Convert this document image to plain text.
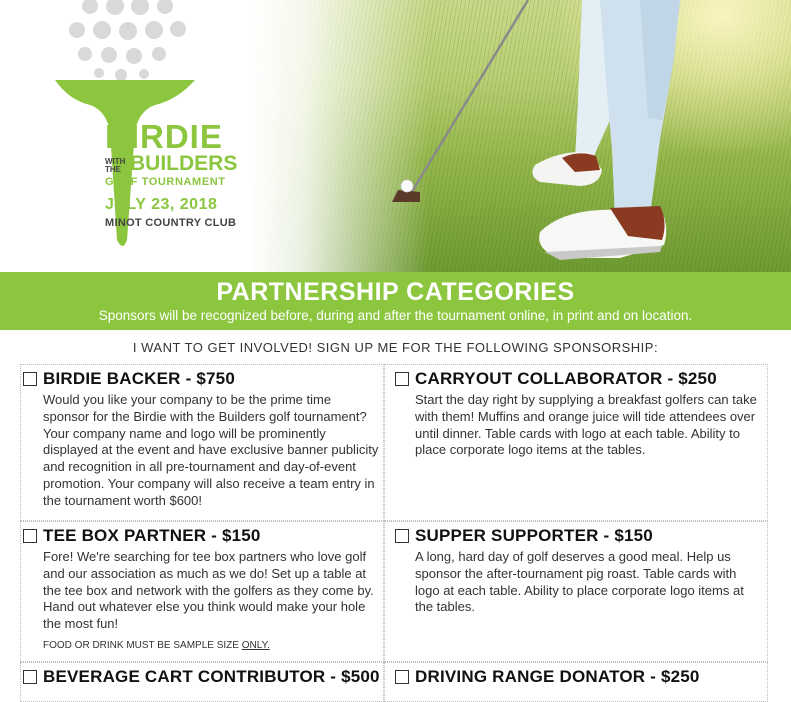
BIRDIE
WITH THE BUILDERS
GOLF TOURNAMENT
JULY 23, 2018
MINOT COUNTRY CLUB
PARTNERSHIP CATEGORIES
Sponsors will be recognized before, during and after the tournament online, in print and on location.
I WANT TO GET INVOLVED! SIGN UP ME FOR THE FOLLOWING SPONSORSHIP:
BIRDIE BACKER - $750
Would you like your company to be the prime time sponsor for the Birdie with the Builders golf tournament? Your company name and logo will be prominently displayed at the event and have exclusive banner publicity and recognition in all pre-tournament and day-of-event promotion. Your company will also receive a team entry in the tournament worth $600!
CARRYOUT COLLABORATOR - $250
Start the day right by supplying a breakfast golfers can take with them! Muffins and orange juice will tide attendees over until dinner. Table cards with logo at each table. Ability to place corporate logo items at the tables.
TEE BOX PARTNER - $150
Fore! We're searching for tee box partners who love golf and our association as much as we do! Set up a table at the tee box and network with the golfers as they come by. Hand out whatever else you think would make your hole the most fun!
FOOD OR DRINK MUST BE SAMPLE SIZE ONLY.
SUPPER SUPPORTER - $150
A long, hard day of golf deserves a good meal. Help us sponsor the after-tournament pig roast. Table cards with logo at each table. Ability to place corporate logo items at the tables.
BEVERAGE CART CONTRIBUTOR - $500 DRIVING RANGE DONATOR - $250
